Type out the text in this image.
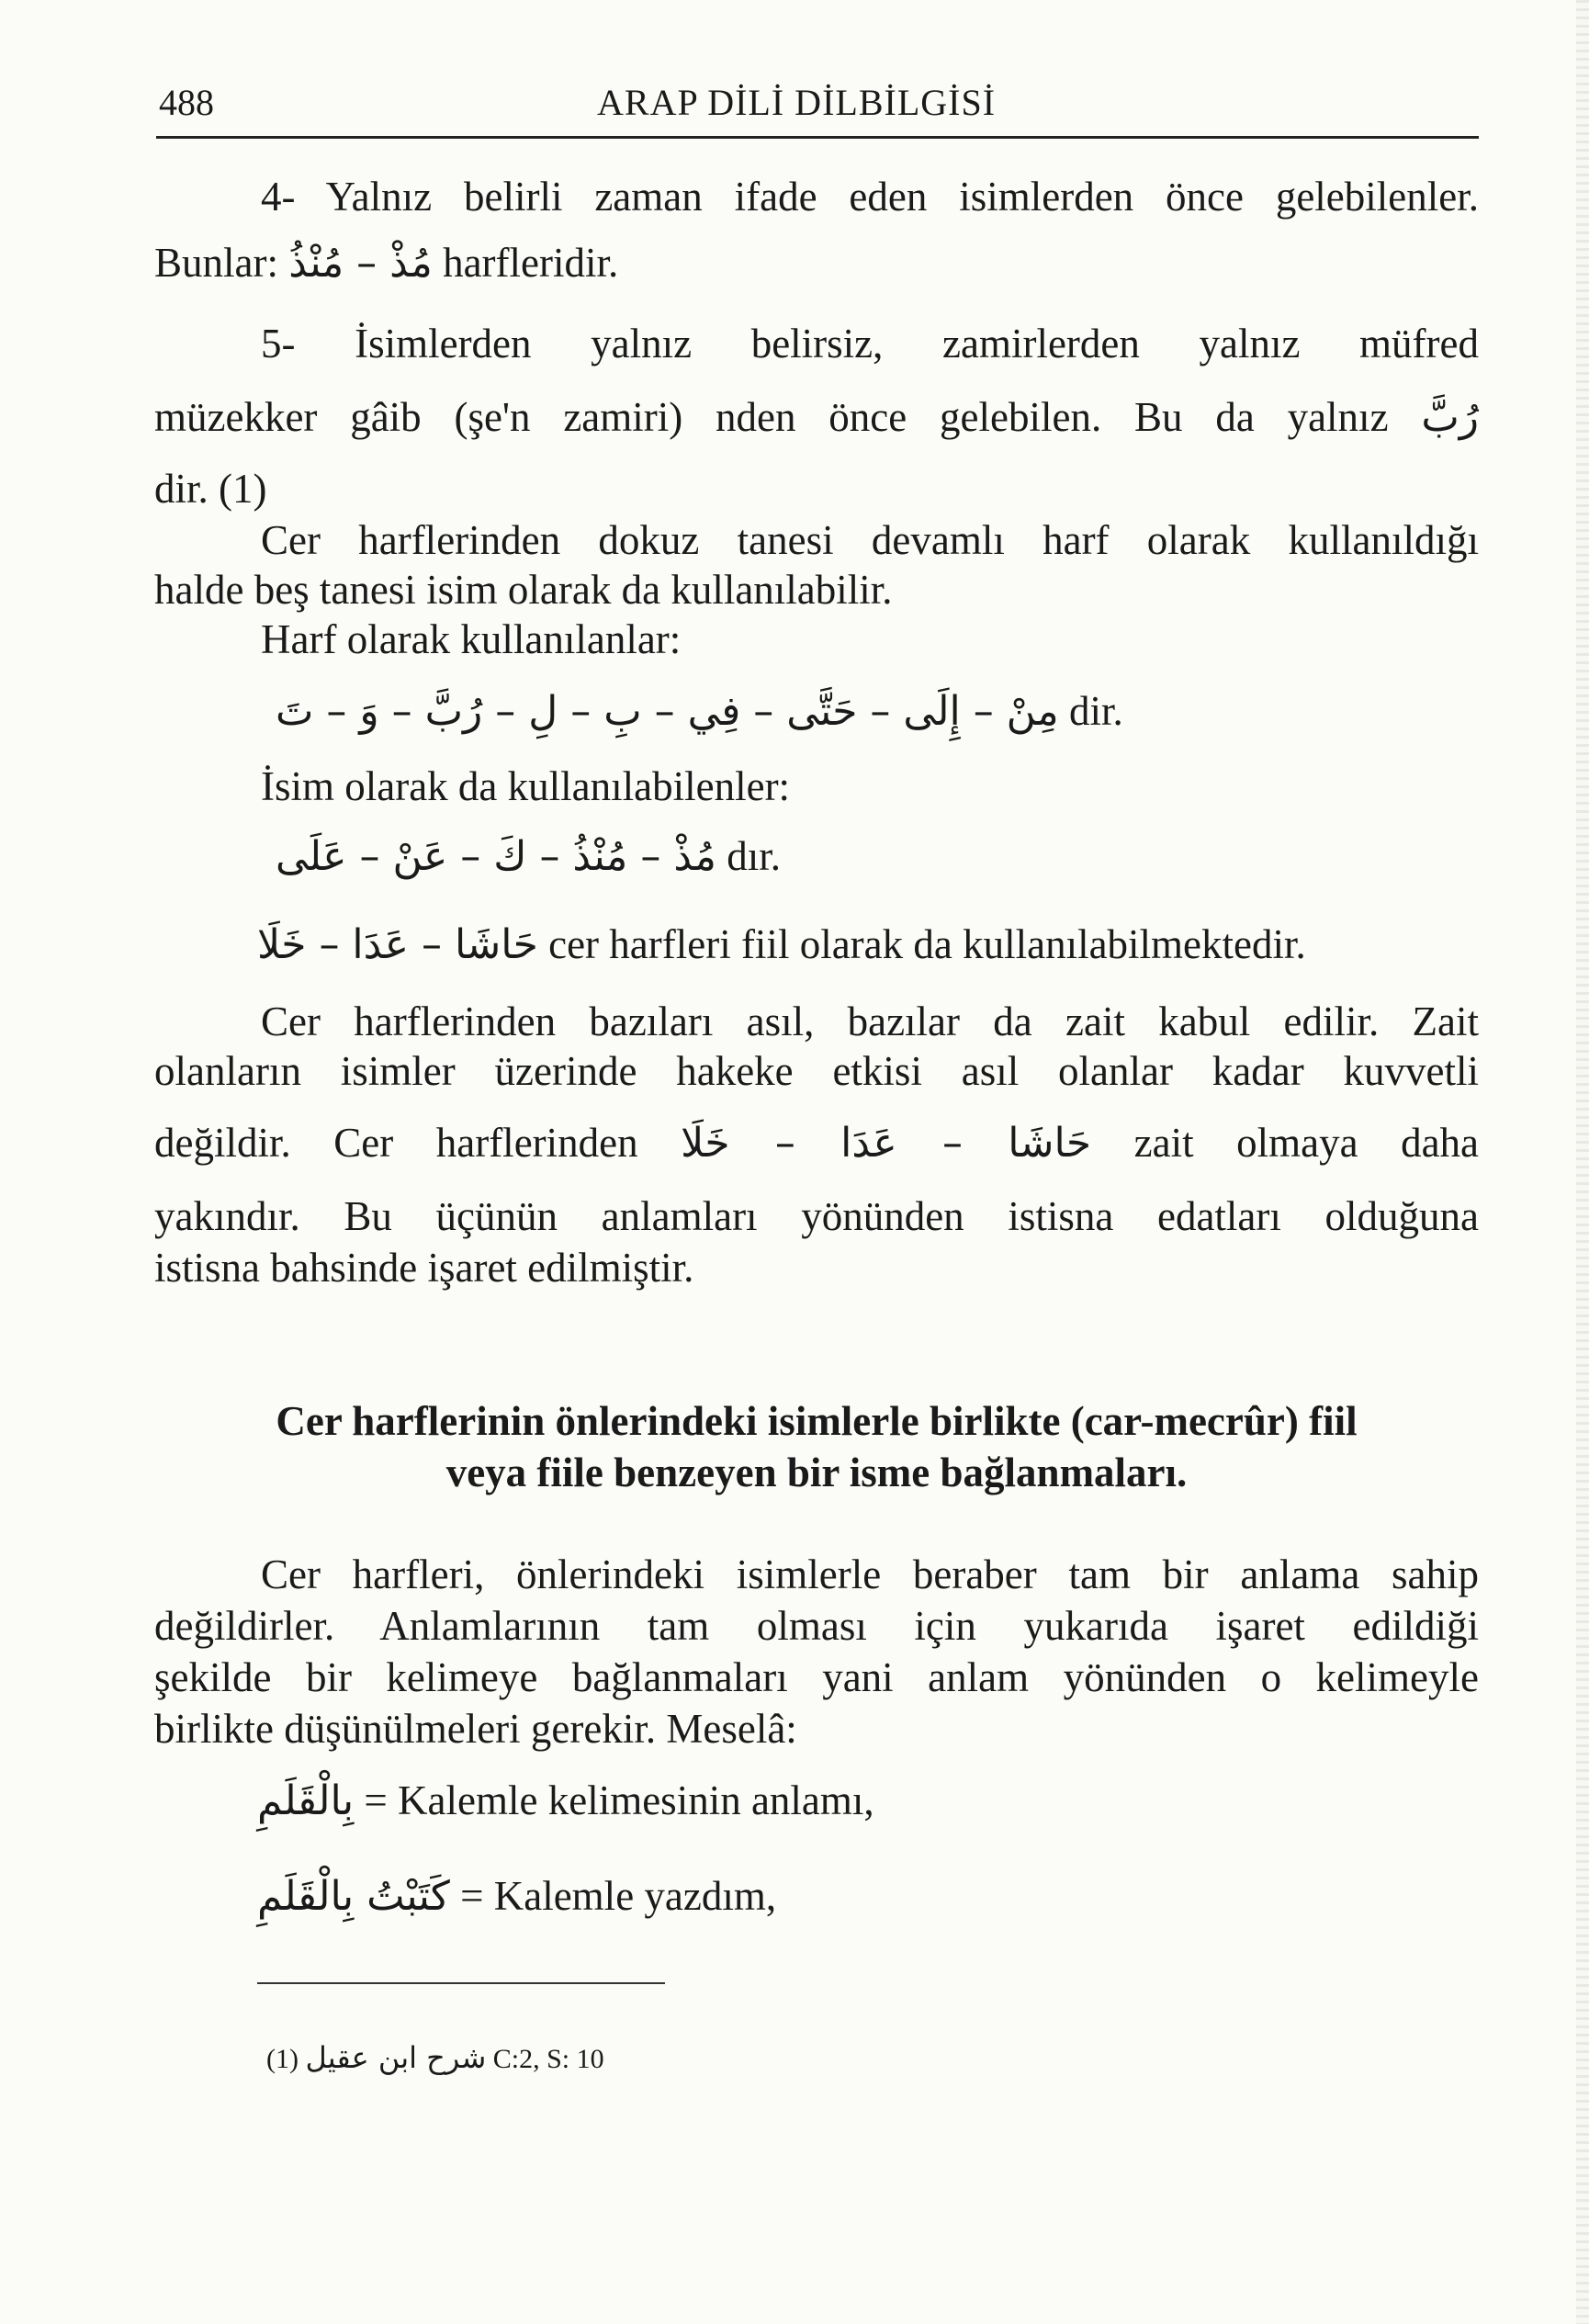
488	ARAP DİLİ DİLBİLGİSİ
4- Yalnız belirli zaman ifade eden isimlerden önce gelebilenler.
Bunlar: مُذْ – مُنْذُ harfleridir.
5- İsimlerden yalnız belirsiz, zamirlerden yalnız müfred
müzekker gâib (şe'n zamiri) nden önce gelebilen. Bu da yalnız رُبَّ
dir. (1)
Cer harflerinden dokuz tanesi devamlı harf olarak kullanıldığı
halde beş tanesi isim olarak da kullanılabilir.
Harf olarak kullanılanlar:
مِنْ – إِلَى – حَتَّى – فِي – بِ – لِ – رُبَّ – وَ – تَ dir.
İsim olarak da kullanılabilenler:
مُذْ – مُنْذُ – كَ – عَنْ – عَلَى dır.
حَاشَا – عَدَا – خَلَا cer harfleri fiil olarak da kullanılabilmektedir.
Cer harflerinden bazıları asıl, bazılar da zait kabul edilir. Zait
olanların isimler üzerinde hakeke etkisi asıl olanlar kadar kuvvetli
değildir. Cer harflerinden حَاشَا – عَدَا – خَلَا zait olmaya daha
yakındır. Bu üçünün anlamları yönünden istisna edatları olduğuna
istisna bahsinde işaret edilmiştir.
Cer harflerinin önlerindeki isimlerle birlikte (car-mecrûr) fiil
veya fiile benzeyen bir isme bağlanmaları.
Cer harfleri, önlerindeki isimlerle beraber tam bir anlama sahip
değildirler. Anlamlarının tam olması için yukarıda işaret edildiği
şekilde bir kelimeye bağlanmaları yani anlam yönünden o kelimeyle
birlikte düşünülmeleri gerekir. Meselâ:
بِالْقَلَمِ = Kalemle kelimesinin anlamı,
كَتَبْتُ بِالْقَلَمِ = Kalemle yazdım,
(1) شرح ابن عقيل C:2, S: 10
